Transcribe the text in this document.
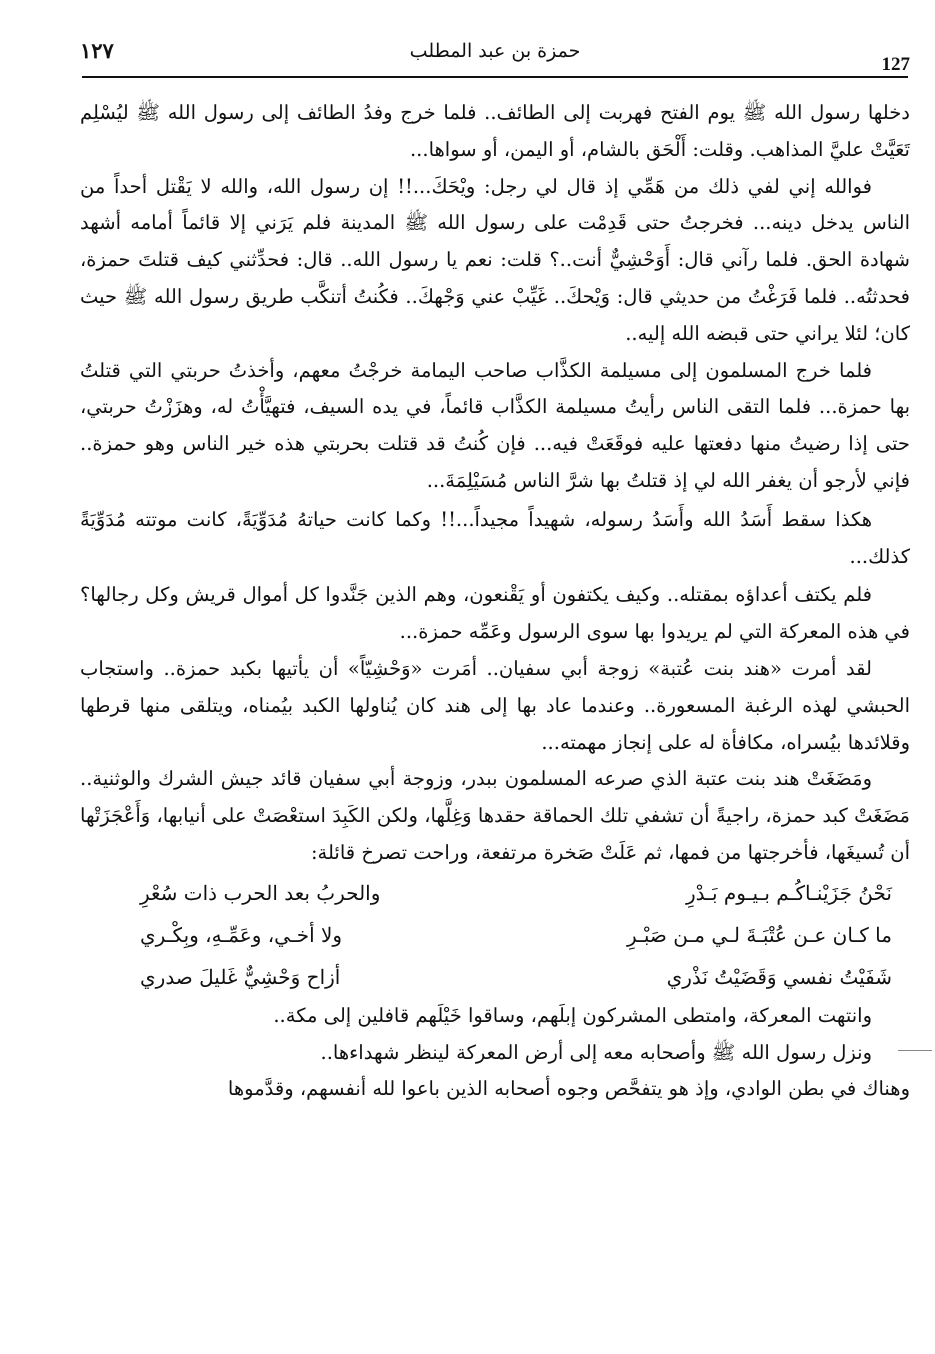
١٢٧	حمزة بن عبد المطلب
127

دخلها رسول الله ﷺ يوم الفتح فهربت إلى الطائف.. فلما خرج وفدُ الطائف إلى رسول الله ﷺ ليُسْلِم تَعَيَّتْ عليَّ المذاهب. وقلت: أَلْحَق بالشام، أو اليمن، أو سواها...

فوالله إني لفي ذلك من هَمِّي إذ قال لي رجل: ويْحَكَ...!! إن رسول الله، والله لا يَقْتل أحداً من الناس يدخل دينه... فخرجتُ حتى قَدِمْت على رسول الله ﷺ المدينة فلم يَرَني إلا قائماً أمامه أشهد شهادة الحق. فلما رآني قال: أَوَحْشِيٌّ أنت..؟ قلت: نعم يا رسول الله.. قال: فحدِّثني كيف قتلتَ حمزة، فحدثتُه.. فلما فَرَغْتُ من حديثي قال: وَيْحكَ.. غَيِّبْ عني وَجْهكَ.. فكُنتُ أتنكَّب طريق رسول الله ﷺ حيث كان؛ لئلا يراني حتى قبضه الله إليه..

فلما خرج المسلمون إلى مسيلمة الكذَّاب صاحب اليمامة خرجْتُ معهم، وأخذتُ حربتي التي قتلتُ بها حمزة... فلما التقى الناس رأيتُ مسيلمة الكذَّاب قائماً، في يده السيف، فتهيَّأْتُ له، وهزَزْتُ حربتي، حتى إذا رضيتُ منها دفعتها عليه فوقَعَتْ فيه... فإن كُنتُ قد قتلت بحربتي هذه خير الناس وهو حمزة.. فإني لأرجو أن يغفر الله لي إذ قتلتُ بها شرَّ الناس مُسَيْلِمَةَ...

هكذا سقط أَسَدُ الله وأَسَدُ رسوله، شهيداً مجيداً...!! وكما كانت حياتهُ مُدَوِّيَةً، كانت موتته مُدَوِّيَةً كذلك...

فلم يكتف أعداؤه بمقتله.. وكيف يكتفون أو يَقْنعون، وهم الذين جَنَّدوا كل أموال قريش وكل رجالها؟ في هذه المعركة التي لم يريدوا بها سوى الرسول وعَمِّه حمزة...

لقد أمرت «هند بنت عُتبة» زوجة أبي سفيان.. أمَرت «وَحْشِيّاً» أن يأتيها بكبد حمزة.. واستجاب الحبشي لهذه الرغبة المسعورة.. وعندما عاد بها إلى هند كان يُناولها الكبد بيُمناه، ويتلقى منها قرطها وقلائدها بيُسراه، مكافأة له على إنجاز مهمته...

ومَضَغَتْ هند بنت عتبة الذي صرعه المسلمون ببدر، وزوجة أبي سفيان قائد جيش الشرك والوثنية.. مَضَغَتْ كبد حمزة، راجيةً أن تشفي تلك الحماقة حقدها وَغِلَّها، ولكن الكَبِدَ استعْصَتْ على أنيابها، وَأَعْجَزَتْها أن تُسيغَها، فأخرجتها من فمها، ثم عَلَتْ صَخرة مرتفعة، وراحت تصرخ قائلة:

نَحْنُ جَزَيْنـاكُـم بـيـوم بَـدْرِ
والحربُ بعد الحرب ذات سُعْرِ
ما كـان عـن عُتْبَـةَ لـي مـن صَبْـرِ
ولا أخـي، وعَمِّـهِ، وبِكْـري
شَفَيْتُ نفسي وَقَضَيْتُ نَذْري
أزاح وَحْشِيٌّ غَليلَ صدري

وانتهت المعركة، وامتطى المشركون إبلَهم، وساقوا خَيْلَهم قافلين إلى مكة..

ونزل رسول الله ﷺ وأصحابه معه إلى أرض المعركة لينظر شهداءها..

وهناك في بطن الوادي، وإذ هو يتفحَّص وجوه أصحابه الذين باعوا لله أنفسهم، وقدَّموها
